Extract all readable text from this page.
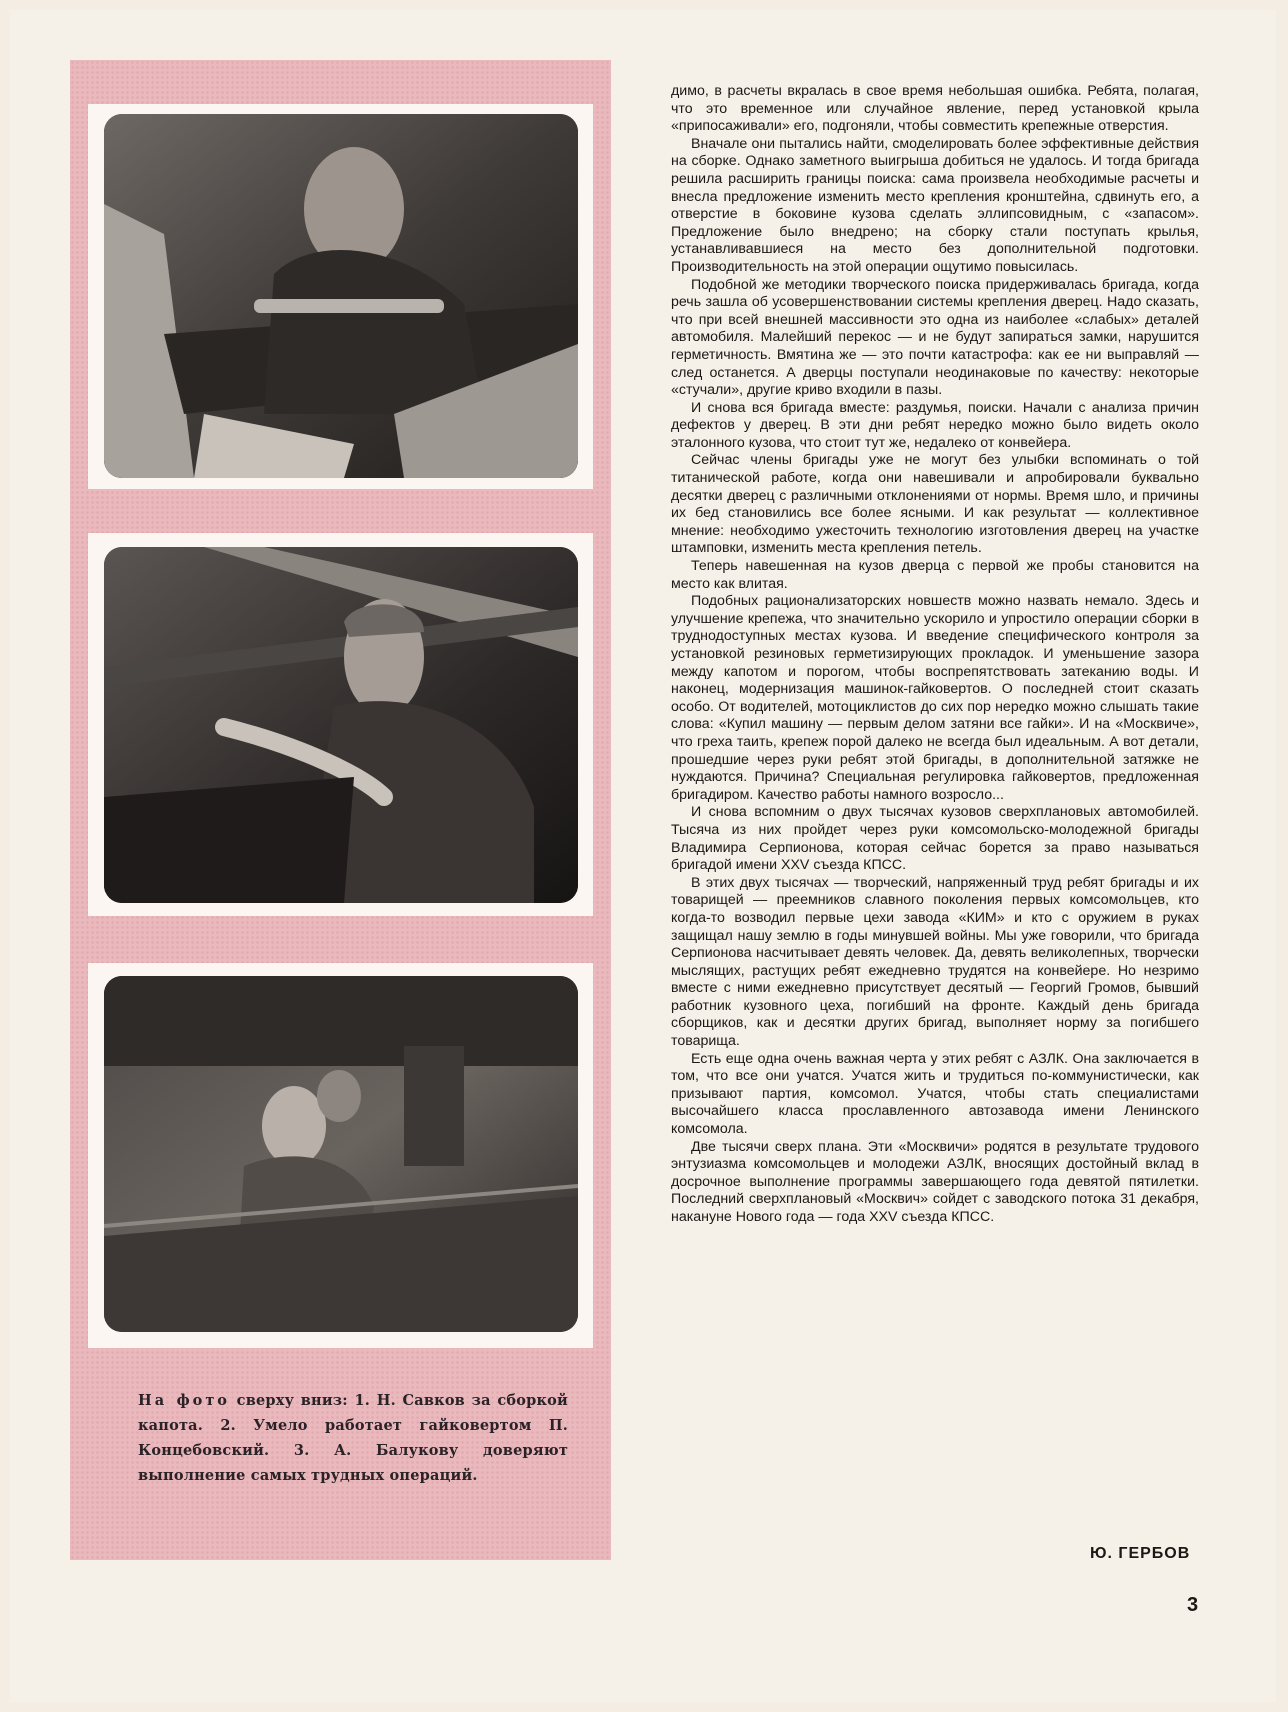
На фото сверху вниз: 1. Н. Савков за сборкой капота. 2. Умело работает гайковертом П. Концебовский. 3. А. Балукову доверяют выполнение самых трудных операций.

димо, в расчеты вкралась в свое время небольшая ошибка. Ребята, полагая, что это временное или случайное явление, перед установкой крыла «припосаживали» его, подгоняли, чтобы совместить крепежные отверстия.

Вначале они пытались найти, смоделировать более эффективные действия на сборке. Однако заметного выигрыша добиться не удалось. И тогда бригада решила расширить границы поиска: сама произвела необходимые расчеты и внесла предложение изменить место крепления кронштейна, сдвинуть его, а отверстие в боковине кузова сделать эллипсовидным, с «запасом». Предложение было внедрено; на сборку стали поступать крылья, устанавливавшиеся на место без дополнительной подготовки. Производительность на этой операции ощутимо повысилась.

Подобной же методики творческого поиска придерживалась бригада, когда речь зашла об усовершенствовании системы крепления дверец. Надо сказать, что при всей внешней массивности это одна из наиболее «слабых» деталей автомобиля. Малейший перекос — и не будут запираться замки, нарушится герметичность. Вмятина же — это почти катастрофа: как ее ни выправляй — след останется. А дверцы поступали неодинаковые по качеству: некоторые «стучали», другие криво входили в пазы.

И снова вся бригада вместе: раздумья, поиски. Начали с анализа причин дефектов у дверец. В эти дни ребят нередко можно было видеть около эталонного кузова, что стоит тут же, недалеко от конвейера.

Сейчас члены бригады уже не могут без улыбки вспоминать о той титанической работе, когда они навешивали и апробировали буквально десятки дверец с различными отклонениями от нормы. Время шло, и причины их бед становились все более ясными. И как результат — коллективное мнение: необходимо ужесточить технологию изготовления дверец на участке штамповки, изменить места крепления петель.

Теперь навешенная на кузов дверца с первой же пробы становится на место как влитая.

Подобных рационализаторских новшеств можно назвать немало. Здесь и улучшение крепежа, что значительно ускорило и упростило операции сборки в труднодоступных местах кузова. И введение специфического контроля за установкой резиновых герметизирующих прокладок. И уменьшение зазора между капотом и порогом, чтобы воспрепятствовать затеканию воды. И наконец, модернизация машинок-гайковертов. О последней стоит сказать особо. От водителей, мотоциклистов до сих пор нередко можно слышать такие слова: «Купил машину — первым делом затяни все гайки». И на «Москвиче», что греха таить, крепеж порой далеко не всегда был идеальным. А вот детали, прошедшие через руки ребят этой бригады, в дополнительной затяжке не нуждаются. Причина? Специальная регулировка гайковертов, предложенная бригадиром. Качество работы намного возросло...

И снова вспомним о двух тысячах кузовов сверхплановых автомобилей. Тысяча из них пройдет через руки комсомольско-молодежной бригады Владимира Серпионова, которая сейчас борется за право называться бригадой имени XXV съезда КПСС.

В этих двух тысячах — творческий, напряженный труд ребят бригады и их товарищей — преемников славного поколения первых комсомольцев, кто когда-то возводил первые цехи завода «КИМ» и кто с оружием в руках защищал нашу землю в годы минувшей войны. Мы уже говорили, что бригада Серпионова насчитывает девять человек. Да, девять великолепных, творчески мыслящих, растущих ребят ежедневно трудятся на конвейере. Но незримо вместе с ними ежедневно присутствует десятый — Георгий Громов, бывший работник кузовного цеха, погибший на фронте. Каждый день бригада сборщиков, как и десятки других бригад, выполняет норму за погибшего товарища.

Есть еще одна очень важная черта у этих ребят с АЗЛК. Она заключается в том, что все они учатся. Учатся жить и трудиться по-коммунистически, как призывают партия, комсомол. Учатся, чтобы стать специалистами высочайшего класса прославленного автозавода имени Ленинского комсомола.

Две тысячи сверх плана. Эти «Москвичи» родятся в результате трудового энтузиазма комсомольцев и молодежи АЗЛК, вносящих достойный вклад в досрочное выполнение программы завершающего года девятой пятилетки. Последний сверхплановый «Москвич» сойдет с заводского потока 31 декабря, накануне Нового года — года XXV съезда КПСС.

Ю. ГЕРБОВ
3
